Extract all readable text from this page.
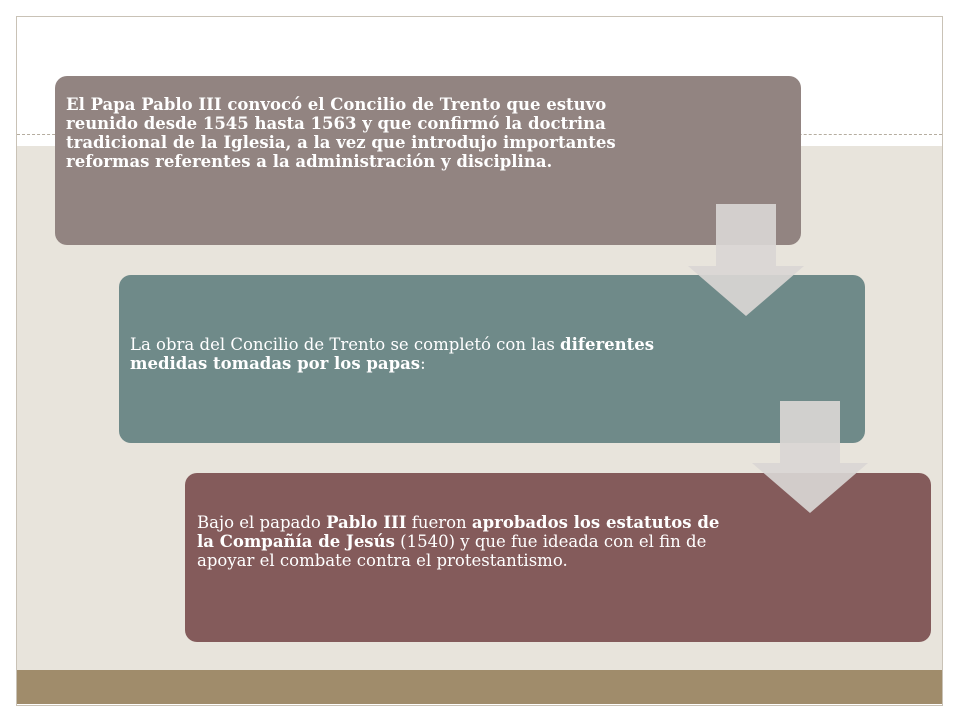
El Papa Pablo III convocó el Concilio de Trento que estuvo reunido desde 1545 hasta 1563 y que confirmó la doctrina tradicional de la Iglesia, a la vez que introdujo importantes reformas referentes a la administración y disciplina.

La obra del Concilio de Trento se completó con las diferentes medidas tomadas por los papas:

Bajo el papado Pablo III fueron aprobados los estatutos de la Compañía de Jesús (1540) y que fue ideada con el fin de apoyar el combate contra el protestantismo.
